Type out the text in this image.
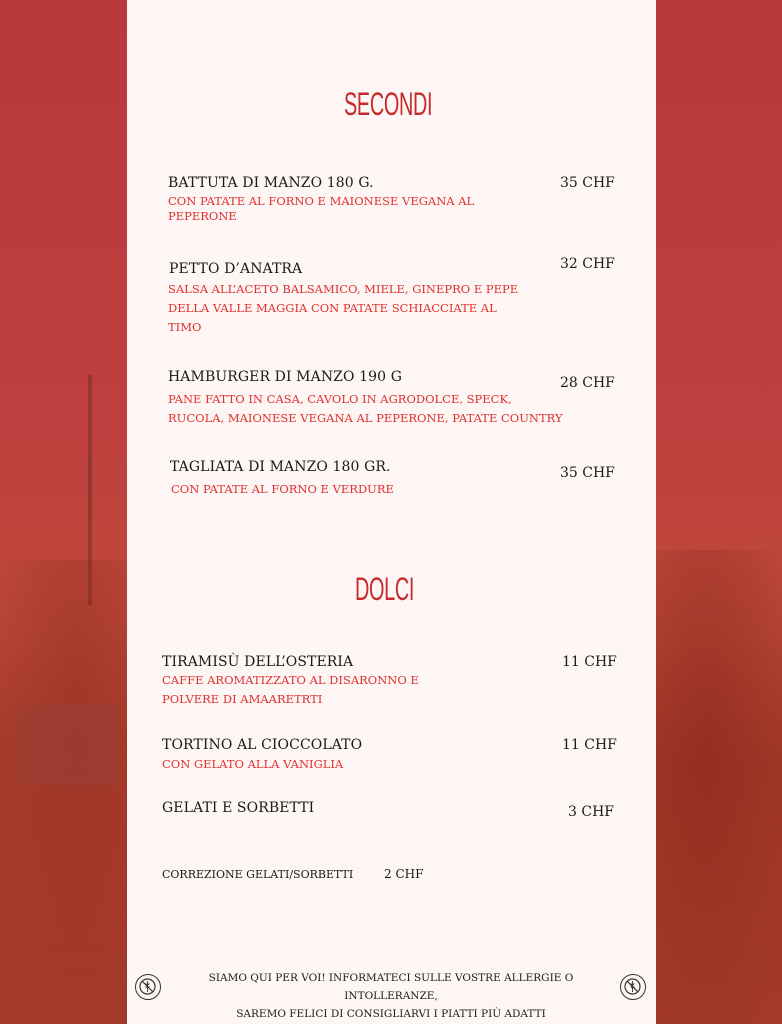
SECONDI
BATTUTA DI MANZO 180 G.	35 CHF
CON PATATE AL FORNO E MAIONESE VEGANA AL PEPERONE
PETTO D’ANATRA	32 CHF
SALSA ALL’ACETO BALSAMICO, MIELE, GINEPRO E PEPE DELLA VALLE MAGGIA CON PATATE SCHIACCIATE AL TIMO
HAMBURGER DI MANZO 190 G	28 CHF
PANE FATTO IN CASA, CAVOLO IN AGRODOLCE, SPECK, RUCOLA, MAIONESE VEGANA AL PEPERONE, PATATE COUNTRY
TAGLIATA DI MANZO 180 GR.	35 CHF
CON PATATE AL FORNO E VERDURE
DOLCI
TIRAMISÙ DELL’OSTERIA	11 CHF
CAFFE AROMATIZZATO AL DISARONNO E POLVERE DI AMAARETRTI
TORTINO AL CIOCCOLATO	11 CHF
CON GELATO ALLA VANIGLIA
GELATI E SORBETTI	3 CHF
CORREZIONE GELATI/SORBETTI	2 CHF
SIAMO QUI PER VOI! INFORMATECI SULLE VOSTRE ALLERGIE O INTOLLERANZE,
SAREMO FELICI DI CONSIGLIARVI I PIATTI PIÙ ADATTI
